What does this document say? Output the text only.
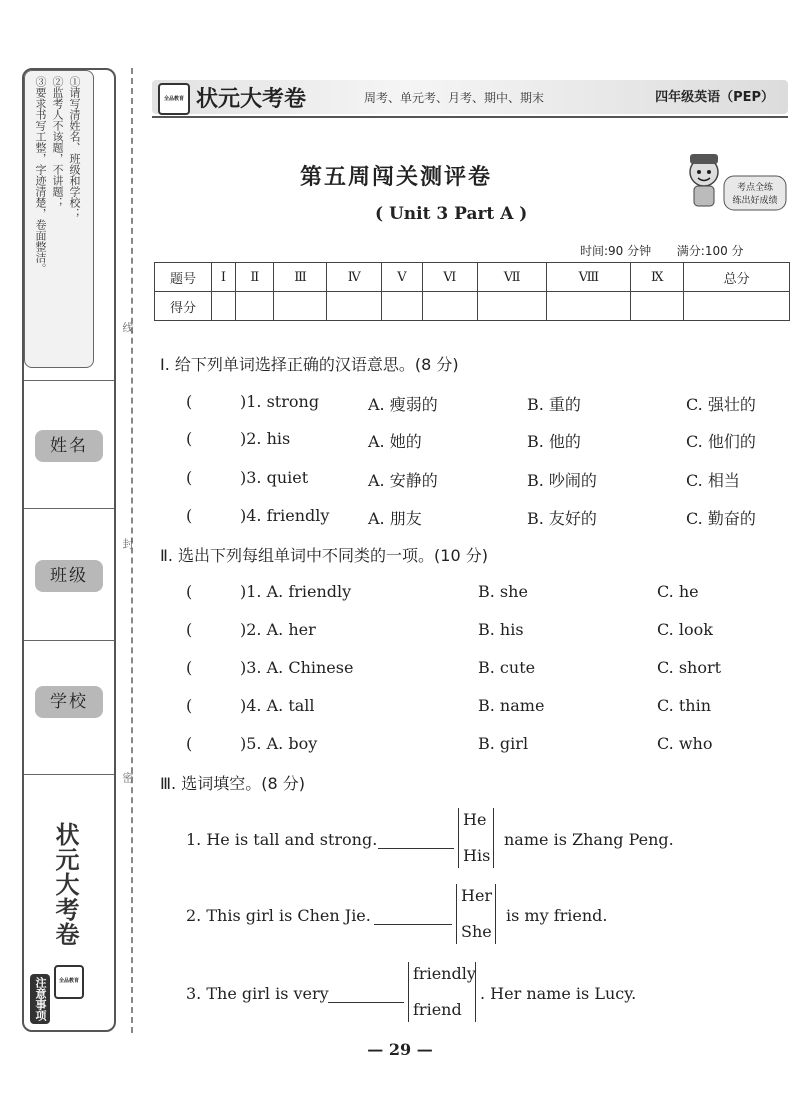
①请写清姓名、班级和学校；
②监考人不该题，不讲题；
③要求书写工整，字迹清楚，卷面整洁。
注意事项
姓名
班级
学校
状元大考卷
全品教育
线
封
密
全品教育 状元大考卷	周考、单元考、月考、期中、期末	四年级英语（PEP）
第五周闯关测评卷
( Unit 3 Part A )
考点全练
练出好成绩
时间:90 分钟 满分:100 分
题号	Ⅰ	Ⅱ	Ⅲ	Ⅳ	Ⅴ	Ⅵ	Ⅶ	Ⅷ	Ⅸ	总分
得分										
Ⅰ. 给下列单词选择正确的汉语意思。(8 分)
(	)1. strong	A. 瘦弱的	B. 重的	C. 强壮的
(	)2. his	A. 她的	B. 他的	C. 他们的
(	)3. quiet	A. 安静的	B. 吵闹的	C. 相当
(	)4. friendly A. 朋友	B. 友好的	C. 勤奋的
Ⅱ. 选出下列每组单词中不同类的一项。(10 分)
(	)1. A. friendly	B. she	C. he
(	)2. A. her	B. his	C. look
(	)3. A. Chinese	B. cute	C. short
(	)4. A. tall	B. name	C. thin
(	)5. A. boy	B. girl	C. who
Ⅲ. 选词填空。(8 分)
1. He is tall and strong.
He
His
name is Zhang Peng.
2. This girl is Chen Jie.
Her
She
is my friend.
3. The girl is very
friendly
friend
. Her name is Lucy.
— 29 —
